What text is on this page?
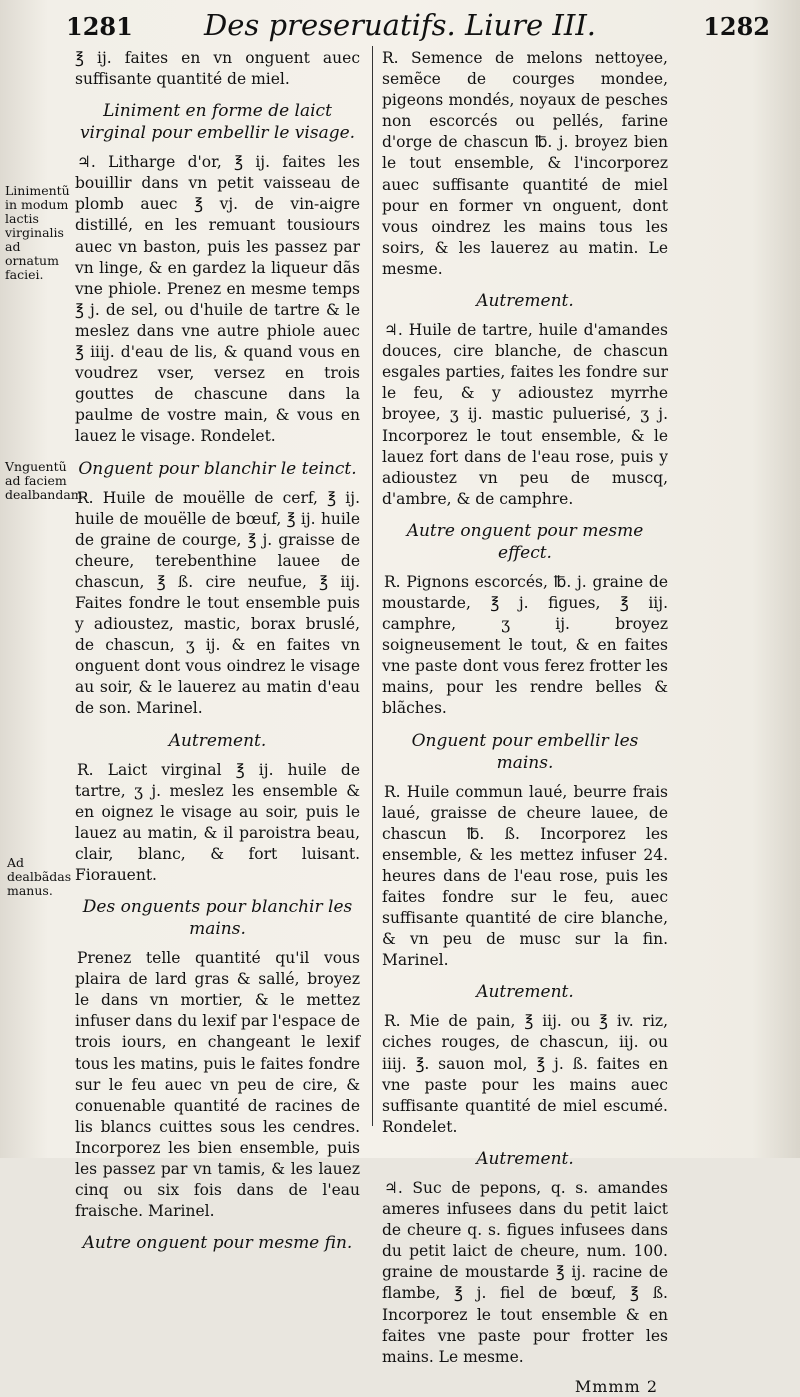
1281	Des preseruatifs. Liure III.	1282
Linimentũ in modum lactis virginalis ad ornatum faciei.
Vnguentũ ad faciem dealbandam.
Ad dealbãdas manus.

℥ ij. faites en vn onguent auec suffisante quantité de miel.

Liniment en forme de laict virginal pour embellir le visage.

♃. Litharge d'or, ℥ ij. faites les bouillir dans vn petit vaisseau de plomb auec ℥ vj. de vin-aigre distillé, en les remuant tousiours auec vn baston, puis les passez par vn linge, & en gardez la liqueur dãs vne phiole. Prenez en mesme temps ℥ j. de sel, ou d'huile de tartre & le meslez dans vne autre phiole auec ℥ iiij. d'eau de lis, & quand vous en voudrez vser, versez en trois gouttes de chascune dans la paulme de vostre main, & vous en lauez le visage. Rondelet.

Onguent pour blanchir le teinct.

R. Huile de mouëlle de cerf, ℥ ij. huile de mouëlle de bœuf, ℥ ij. huile de graine de courge, ℥ j. graisse de cheure, terebenthine lauee de chascun, ℥ ß. cire neufue, ℥ iij. Faites fondre le tout ensemble puis y adioustez, mastic, borax bruslé, de chascun, ʒ ij. & en faites vn onguent dont vous oindrez le visage au soir, & le lauerez au matin d'eau de son. Marinel.

Autrement.

R. Laict virginal ℥ ij. huile de tartre, ʒ j. meslez les ensemble & en oignez le visage au soir, puis le lauez au matin, & il paroistra beau, clair, blanc, & fort luisant. Fiorauent.

Des onguents pour blanchir les mains.

Prenez telle quantité qu'il vous plaira de lard gras & sallé, broyez le dans vn mortier, & le mettez infuser dans du lexif par l'espace de trois iours, en changeant le lexif tous les matins, puis le faites fondre sur le feu auec vn peu de cire, & conuenable quantité de racines de lis blancs cuittes sous les cendres. Incorporez les bien ensemble, puis les passez par vn tamis, & les lauez cinq ou six fois dans de l'eau fraische. Marinel.

Autre onguent pour mesme fin.

R. Semence de melons nettoyee, semẽce de courges mondee, pigeons mondés, noyaux de pesches non escorcés ou pellés, farine d'orge de chascun ℔. j. broyez bien le tout ensemble, & l'incorporez auec suffisante quantité de miel pour en former vn onguent, dont vous oindrez les mains tous les soirs, & les lauerez au matin. Le mesme.

Autrement.

♃. Huile de tartre, huile d'amandes douces, cire blanche, de chascun esgales parties, faites les fondre sur le feu, & y adioustez myrrhe broyee, ʒ ij. mastic puluerisé, ʒ j. Incorporez le tout ensemble, & le lauez fort dans de l'eau rose, puis y adioustez vn peu de muscq, d'ambre, & de camphre.

Autre onguent pour mesme effect.

R. Pignons escorcés, ℔. j. graine de moustarde, ℥ j. figues, ℥ iij. camphre, ʒ ij. broyez soigneusement le tout, & en faites vne paste dont vous ferez frotter les mains, pour les rendre belles & blãches.

Onguent pour embellir les mains.

R. Huile commun laué, beurre frais laué, graisse de cheure lauee, de chascun ℔. ß. Incorporez les ensemble, & les mettez infuser 24. heures dans de l'eau rose, puis les faites fondre sur le feu, auec suffisante quantité de cire blanche, & vn peu de musc sur la fin. Marinel.

Autrement.

R. Mie de pain, ℥ iij. ou ℥ iv. riz, ciches rouges, de chascun, iij. ou iiij. ℥. sauon mol, ℥ j. ß. faites en vne paste pour les mains auec suffisante quantité de miel escumé. Rondelet.

Autrement.

♃. Suc de pepons, q. s. amandes ameres infusees dans du petit laict de cheure q. s. figues infusees dans du petit laict de cheure, num. 100. graine de moustarde ℥ ij. racine de flambe, ℥ j. fiel de bœuf, ℥ ß. Incorporez le tout ensemble & en faites vne paste pour frotter les mains. Le mesme.

Mmmm 2
